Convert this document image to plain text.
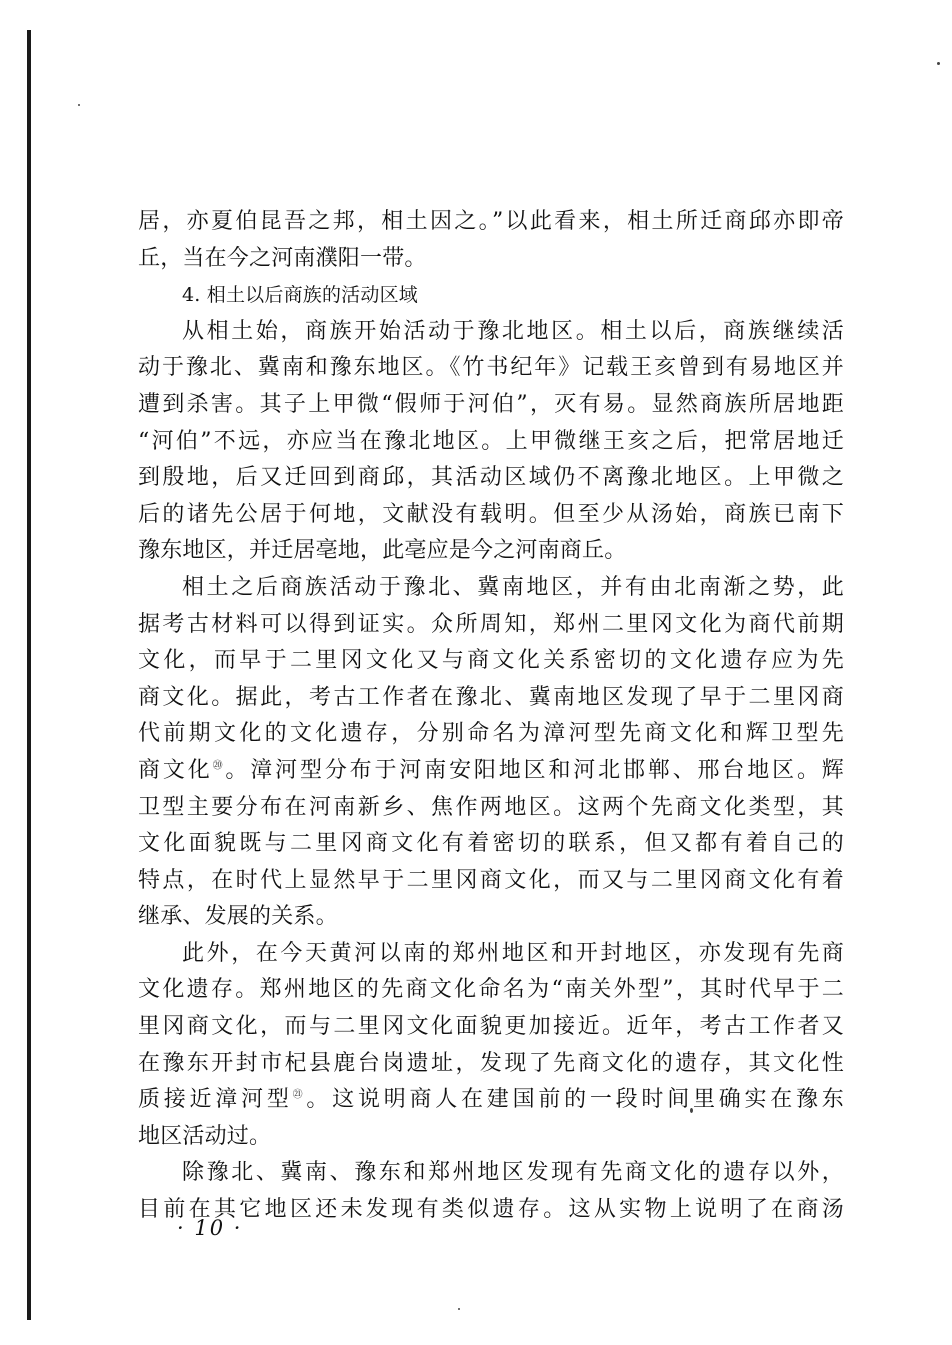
居，亦夏伯昆吾之邦，相土因之。”以此看来，相土所迁商邱亦即帝
丘，当在今之河南濮阳一带。
4. 相土以后商族的活动区域
从相土始，商族开始活动于豫北地区。相土以后，商族继续活
动于豫北、冀南和豫东地区。《竹书纪年》记载王亥曾到有易地区并
遭到杀害。其子上甲微“假师于河伯”，灭有易。显然商族所居地距
“河伯”不远，亦应当在豫北地区。上甲微继王亥之后，把常居地迁
到殷地，后又迁回到商邱，其活动区域仍不离豫北地区。上甲微之
后的诸先公居于何地，文献没有载明。但至少从汤始，商族已南下
豫东地区，并迁居亳地，此亳应是今之河南商丘。
相土之后商族活动于豫北、冀南地区，并有由北南渐之势，此
据考古材料可以得到证实。众所周知，郑州二里冈文化为商代前期
文化，而早于二里冈文化又与商文化关系密切的文化遗存应为先
商文化。据此，考古工作者在豫北、冀南地区发现了早于二里冈商
代前期文化的文化遗存，分别命名为漳河型先商文化和辉卫型先
商文化⑳。漳河型分布于河南安阳地区和河北邯郸、邢台地区。辉
卫型主要分布在河南新乡、焦作两地区。这两个先商文化类型，其
文化面貌既与二里冈商文化有着密切的联系，但又都有着自己的
特点，在时代上显然早于二里冈商文化，而又与二里冈商文化有着
继承、发展的关系。
此外，在今天黄河以南的郑州地区和开封地区，亦发现有先商
文化遗存。郑州地区的先商文化命名为“南关外型”，其时代早于二
里冈商文化，而与二里冈文化面貌更加接近。近年，考古工作者又
在豫东开封市杞县鹿台岗遗址，发现了先商文化的遗存，其文化性
质接近漳河型$^㉑$。这说明商人在建国前的一段时间里确实在豫东
地区活动过。
除豫北、冀南、豫东和郑州地区发现有先商文化的遗存以外，
目前在其它地区还未发现有类似遗存。这从实物上说明了在商汤
· 10 ·
